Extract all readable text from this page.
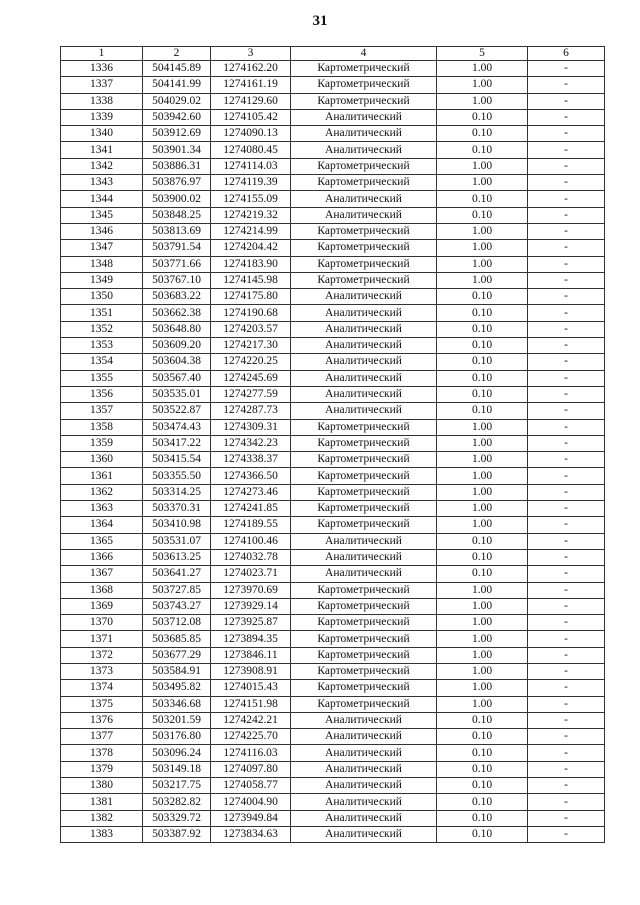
31
1	2	3	4	5	6
1336	504145.89	1274162.20	Картометрический	1.00	-
1337	504141.99	1274161.19	Картометрический	1.00	-
1338	504029.02	1274129.60	Картометрический	1.00	-
1339	503942.60	1274105.42	Аналитический	0.10	-
1340	503912.69	1274090.13	Аналитический	0.10	-
1341	503901.34	1274080.45	Аналитический	0.10	-
1342	503886.31	1274114.03	Картометрический	1.00	-
1343	503876.97	1274119.39	Картометрический	1.00	-
1344	503900.02	1274155.09	Аналитический	0.10	-
1345	503848.25	1274219.32	Аналитический	0.10	-
1346	503813.69	1274214.99	Картометрический	1.00	-
1347	503791.54	1274204.42	Картометрический	1.00	-
1348	503771.66	1274183.90	Картометрический	1.00	-
1349	503767.10	1274145.98	Картометрический	1.00	-
1350	503683.22	1274175.80	Аналитический	0.10	-
1351	503662.38	1274190.68	Аналитический	0.10	-
1352	503648.80	1274203.57	Аналитический	0.10	-
1353	503609.20	1274217.30	Аналитический	0.10	-
1354	503604.38	1274220.25	Аналитический	0.10	-
1355	503567.40	1274245.69	Аналитический	0.10	-
1356	503535.01	1274277.59	Аналитический	0.10	-
1357	503522.87	1274287.73	Аналитический	0.10	-
1358	503474.43	1274309.31	Картометрический	1.00	-
1359	503417.22	1274342.23	Картометрический	1.00	-
1360	503415.54	1274338.37	Картометрический	1.00	-
1361	503355.50	1274366.50	Картометрический	1.00	-
1362	503314.25	1274273.46	Картометрический	1.00	-
1363	503370.31	1274241.85	Картометрический	1.00	-
1364	503410.98	1274189.55	Картометрический	1.00	-
1365	503531.07	1274100.46	Аналитический	0.10	-
1366	503613.25	1274032.78	Аналитический	0.10	-
1367	503641.27	1274023.71	Аналитический	0.10	-
1368	503727.85	1273970.69	Картометрический	1.00	-
1369	503743.27	1273929.14	Картометрический	1.00	-
1370	503712.08	1273925.87	Картометрический	1.00	-
1371	503685.85	1273894.35	Картометрический	1.00	-
1372	503677.29	1273846.11	Картометрический	1.00	-
1373	503584.91	1273908.91	Картометрический	1.00	-
1374	503495.82	1274015.43	Картометрический	1.00	-
1375	503346.68	1274151.98	Картометрический	1.00	-
1376	503201.59	1274242.21	Аналитический	0.10	-
1377	503176.80	1274225.70	Аналитический	0.10	-
1378	503096.24	1274116.03	Аналитический	0.10	-
1379	503149.18	1274097.80	Аналитический	0.10	-
1380	503217.75	1274058.77	Аналитический	0.10	-
1381	503282.82	1274004.90	Аналитический	0.10	-
1382	503329.72	1273949.84	Аналитический	0.10	-
1383	503387.92	1273834.63	Аналитический	0.10	-
